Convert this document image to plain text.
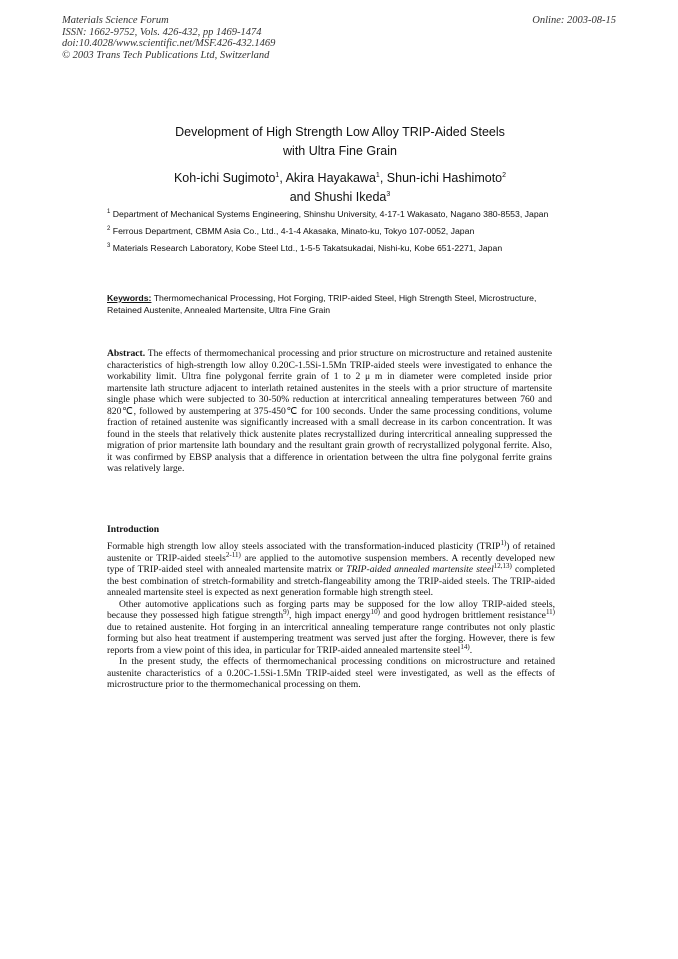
Materials Science Forum
ISSN: 1662-9752, Vols. 426-432, pp 1469-1474
doi:10.4028/www.scientific.net/MSF.426-432.1469
© 2003 Trans Tech Publications Ltd, Switzerland
Online: 2003-08-15
Development of High Strength Low Alloy TRIP-Aided Steels
with Ultra Fine Grain
Koh-ichi Sugimoto$^1$, Akira Hayakawa$^1$, Shun-ichi Hashimoto$^2$
and Shushi Ikeda$^3$
$^1$ Department of Mechanical Systems Engineering, Shinshu University, 4-17-1 Wakasato, Nagano 380-8553, Japan
$^2$ Ferrous Department, CBMM Asia Co., Ltd., 4-1-4 Akasaka, Minato-ku, Tokyo 107-0052, Japan
$^3$ Materials Research Laboratory, Kobe Steel Ltd., 1-5-5 Takatsukadai, Nishi-ku, Kobe 651-2271, Japan
Keywords: Thermomechanical Processing, Hot Forging, TRIP-aided Steel, High Strength Steel, Microstructure, Retained Austenite, Annealed Martensite, Ultra Fine Grain
Abstract. The effects of thermomechanical processing and prior structure on microstructure and retained austenite characteristics of high-strength low alloy 0.20C-1.5Si-1.5Mn TRIP-aided steels were investigated to enhance the workability limit. Ultra fine polygonal ferrite grain of 1 to 2 μ m in diameter were completed inside prior martensite lath structure adjacent to interlath retained austenites in the steels with a prior structure of martensite single phase which were subjected to 30-50% reduction at intercritical annealing temperatures between 760 and 820℃, followed by austempering at 375-450℃ for 100 seconds. Under the same processing conditions, volume fraction of retained austenite was significantly increased with a small decrease in its carbon concentration. It was found in the steels that relatively thick austenite plates recrystallized during intercritical annealing suppressed the migration of prior martensite lath boundary and the resultant grain growth of recrystallized polygonal ferrite. Also, it was confirmed by EBSP analysis that a difference in orientation between the ultra fine polygonal ferrite grains was relatively large.
Introduction

Formable high strength low alloy steels associated with the transformation-induced plasticity (TRIP$^{1)}$) of retained austenite or TRIP-aided steels$^{2-11)}$ are applied to the automotive suspension members. A recently developed new type of TRIP-aided steel with annealed martensite matrix or TRIP-aided annealed martensite steel$^{12,13)}$ completed the best combination of stretch-formability and stretch-flangeability among the TRIP-aided steels. The TRIP-aided annealed martensite steel is expected as next generation formable high strength steel.

Other automotive applications such as forging parts may be supposed for the low alloy TRIP-aided steels, because they possessed high fatigue strength$^{9)}$, high impact energy$^{10)}$ and good hydrogen brittlement resistance$^{11)}$ due to retained austenite. Hot forging in an intercritical annealing temperature range contributes not only plastic forming but also heat treatment if austempering treatment was served just after the forging. However, there is few reports from a view point of this idea, in particular for TRIP-aided annealed martensite steel$^{14)}$.

In the present study, the effects of thermomechanical processing conditions on microstructure and retained austenite characteristics of a 0.20C-1.5Si-1.5Mn TRIP-aided steel were investigated, as well as the effects of microstructure prior to the thermomechanical processing on them.
